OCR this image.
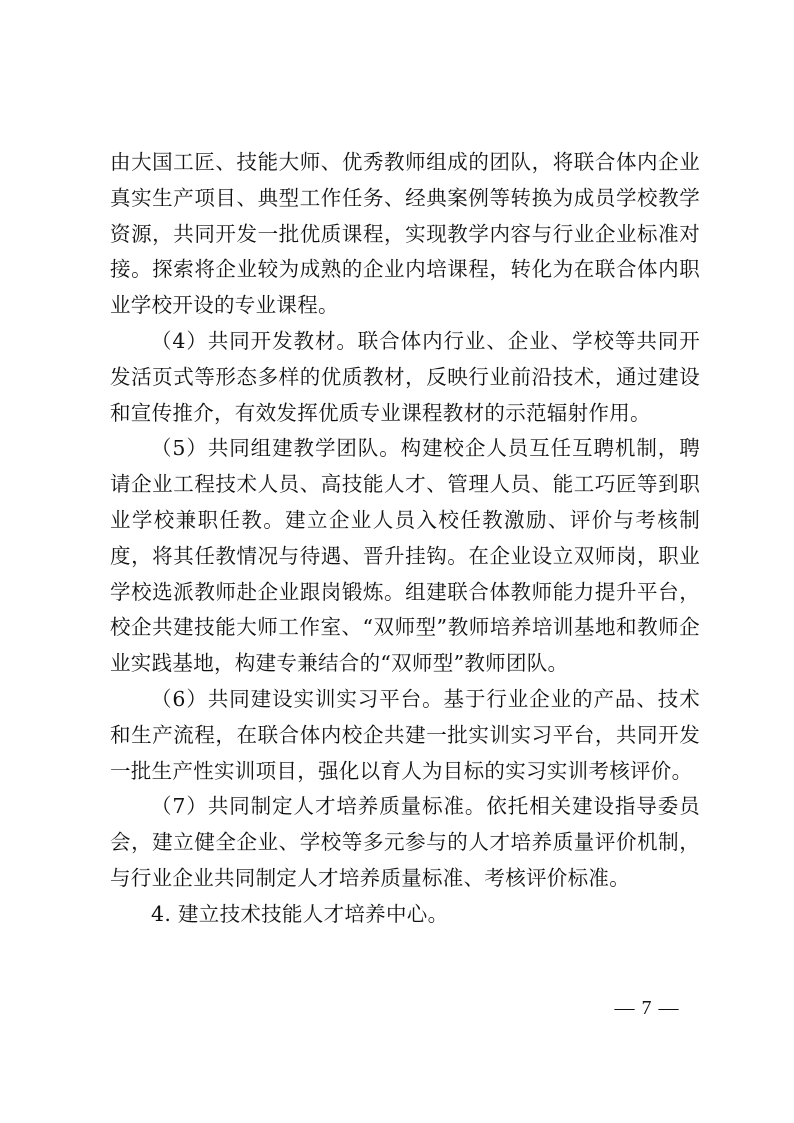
由大国工匠、技能大师、优秀教师组成的团队，将联合体内企业真实生产项目、典型工作任务、经典案例等转换为成员学校教学资源，共同开发一批优质课程，实现教学内容与行业企业标准对接。探索将企业较为成熟的企业内培课程，转化为在联合体内职业学校开设的专业课程。

（4）共同开发教材。联合体内行业、企业、学校等共同开发活页式等形态多样的优质教材，反映行业前沿技术，通过建设和宣传推介，有效发挥优质专业课程教材的示范辐射作用。

（5）共同组建教学团队。构建校企人员互任互聘机制，聘请企业工程技术人员、高技能人才、管理人员、能工巧匠等到职业学校兼职任教。建立企业人员入校任教激励、评价与考核制度，将其任教情况与待遇、晋升挂钩。在企业设立双师岗，职业学校选派教师赴企业跟岗锻炼。组建联合体教师能力提升平台，校企共建技能大师工作室、“双师型”教师培养培训基地和教师企业实践基地，构建专兼结合的“双师型”教师团队。

（6）共同建设实训实习平台。基于行业企业的产品、技术和生产流程，在联合体内校企共建一批实训实习平台，共同开发一批生产性实训项目，强化以育人为目标的实习实训考核评价。

（7）共同制定人才培养质量标准。依托相关建设指导委员会，建立健全企业、学校等多元参与的人才培养质量评价机制，与行业企业共同制定人才培养质量标准、考核评价标准。

4. 建立技术技能人才培养中心。

— 7 —
